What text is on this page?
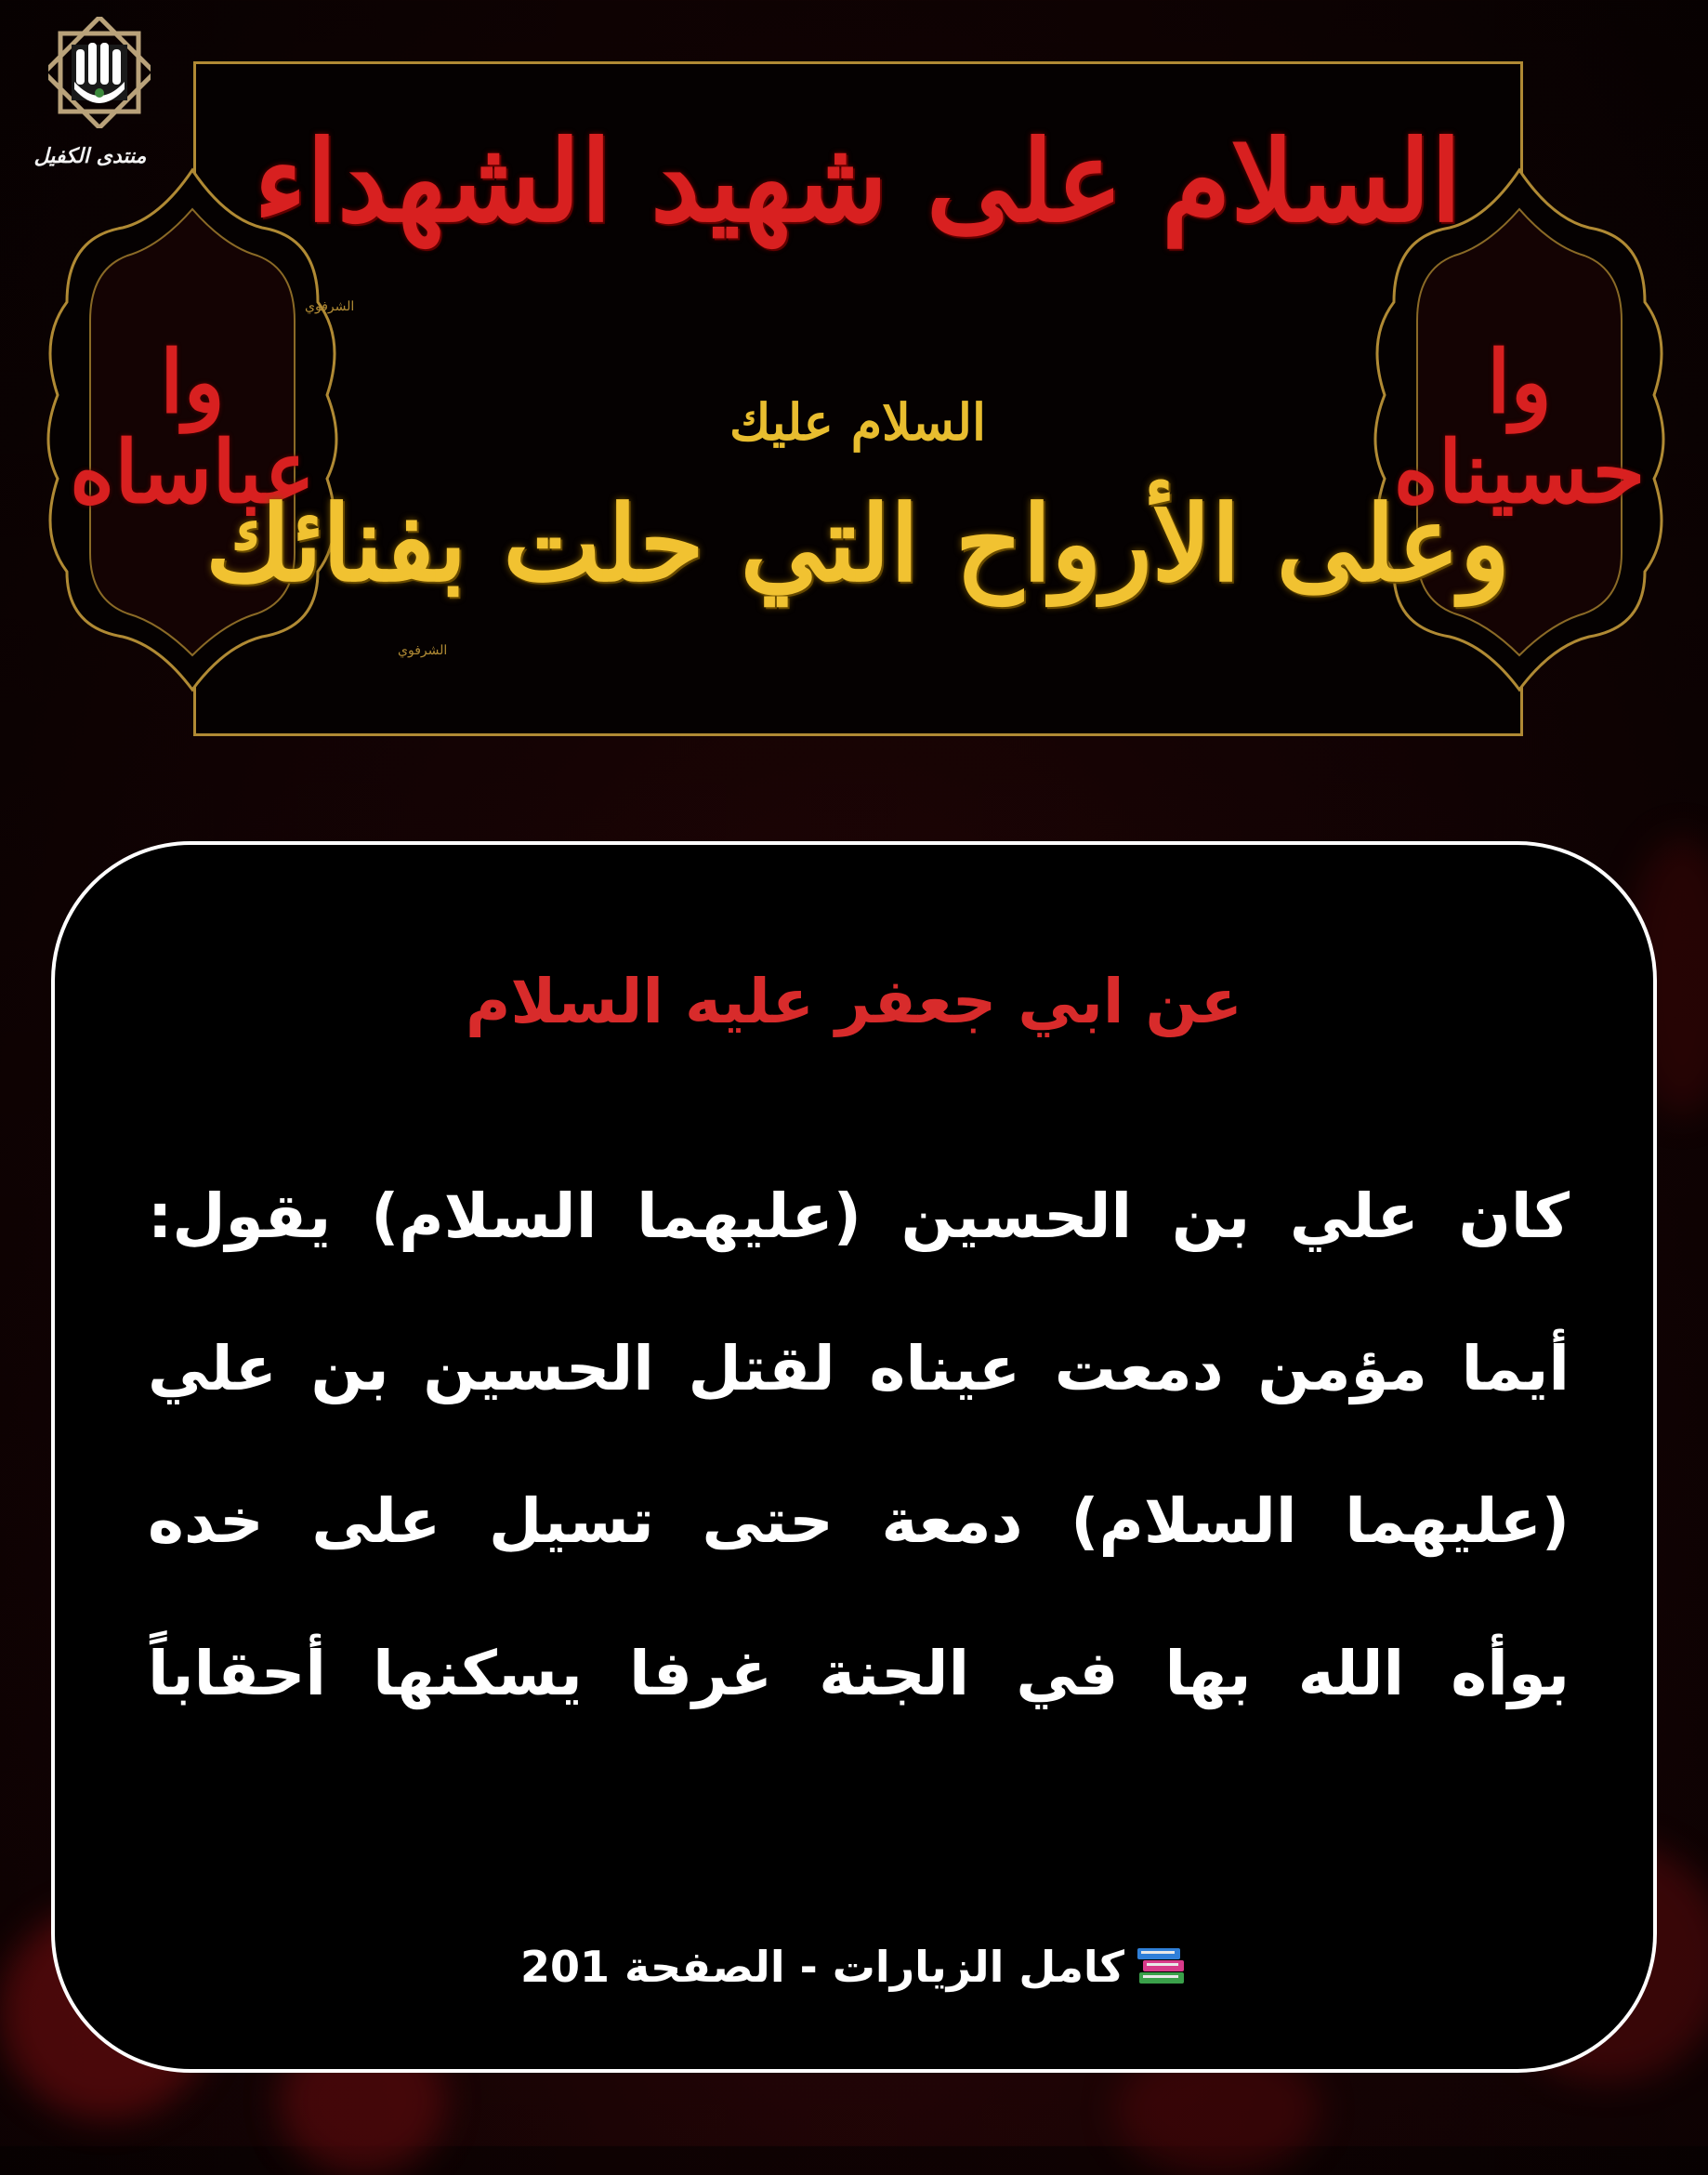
منتدى الكفيل
وا عباساه
وا حسيناه
السلام على شهيد الشهداء
الشرفوي
السلام عليك
وعلى الأرواح التي حلت بفنائك
الشرفوي
عن ابي جعفر عليه السلام
كان علي بن الحسين (عليهما السلام) يقول:
أيما مؤمن دمعت عيناه لقتل الحسين بن علي
(عليهما السلام) دمعة حتى تسيل على خده
بوأه الله بها في الجنة غرفا يسكنها أحقاباً
كامل الزيارات - الصفحة 201
